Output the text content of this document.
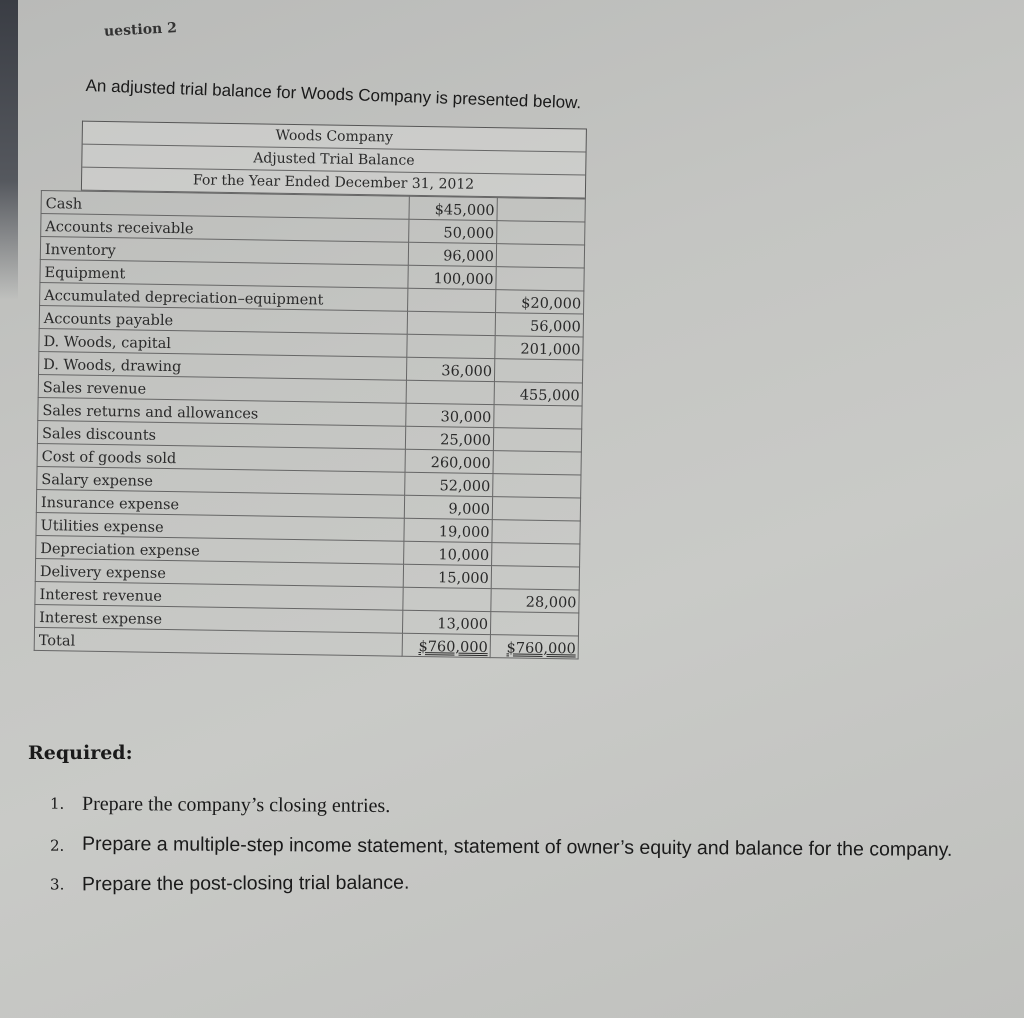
uestion 2
An adjusted trial balance for Woods Company is presented below.
Woods Company
Adjusted Trial Balance
For the Year Ended December 31, 2012
Cash	$45,000	
Accounts receivable	50,000	
Inventory	96,000	
Equipment	100,000	
Accumulated depreciation–equipment		$20,000
Accounts payable		56,000
D. Woods, capital		201,000
D. Woods, drawing	36,000	
Sales revenue		455,000
Sales returns and allowances	30,000	
Sales discounts	25,000	
Cost of goods sold	260,000	
Salary expense	52,000	
Insurance expense	9,000	
Utilities expense	19,000	
Depreciation expense	10,000	
Delivery expense	15,000	
Interest revenue		28,000
Interest expense	13,000	
Total	$760,000	$760,000
Required:
1. Prepare the company’s closing entries.
2. Prepare a multiple-step income statement, statement of owner’s equity and balance for the company.
3. Prepare the post-closing trial balance.
